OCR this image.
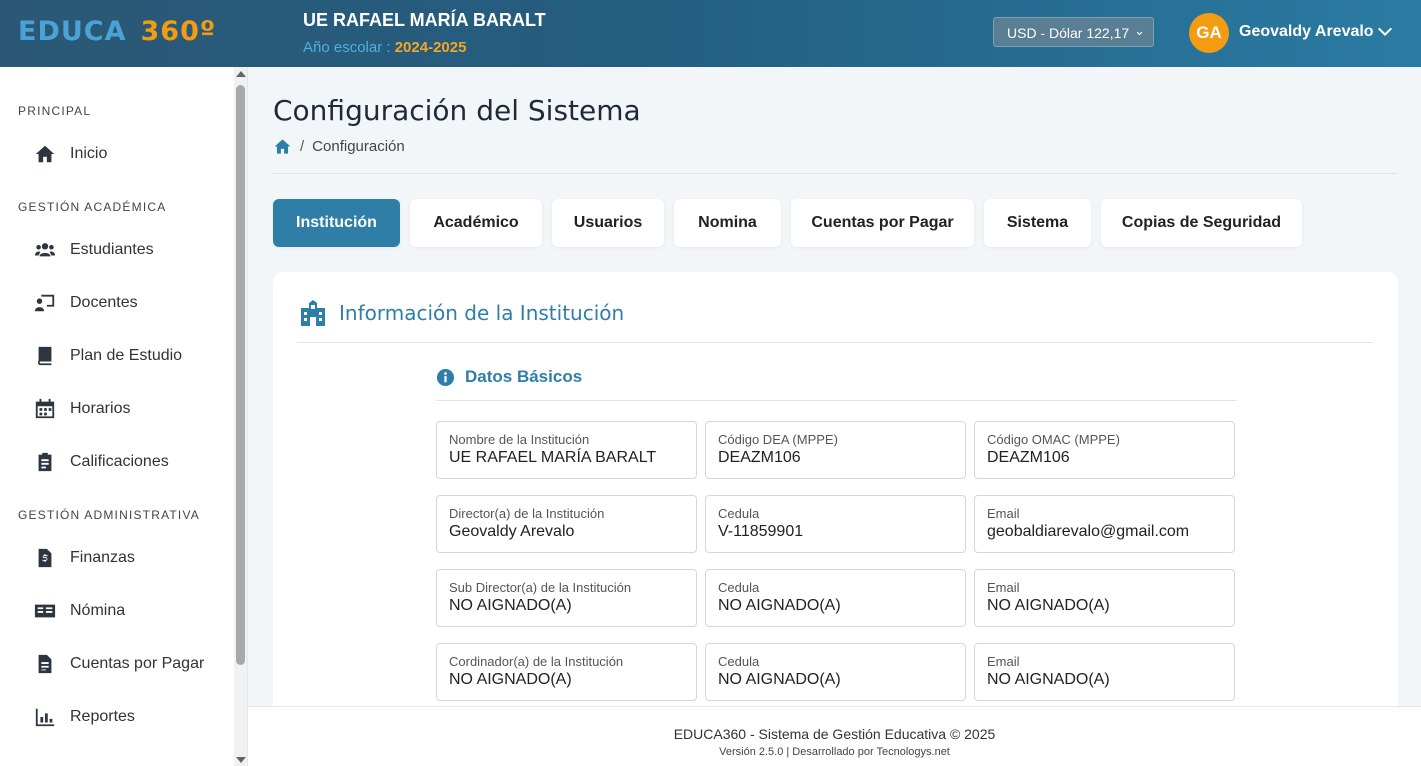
EDUCA 360º	UE RAFAEL MARÍA BARALT
Año escolar : 2024-2025
USD - Dólar 122,17 ⌄	GA	Geovaldy Arevalo
PRINCIPAL
Inicio
GESTIÓN ACADÉMICA
Estudiantes
Docentes
Plan de Estudio
Horarios
Calificaciones
GESTIÓN ADMINISTRATIVA
Finanzas
Nómina
Cuentas por Pagar
Reportes
Configuración del Sistema
/ Configuración
Institución	Académico	Usuarios	Nomina	Cuentas por Pagar	Sistema	Copias de Seguridad
Información de la Institución
Datos Básicos
Nombre de la Institución
UE RAFAEL MARÍA BARALT
Código DEA (MPPE)
DEAZM106
Código OMAC (MPPE)
DEAZM106
Director(a) de la Institución
Geovaldy Arevalo
Cedula
V-11859901
Email
geobaldiarevalo@gmail.com
Sub Director(a) de la Institución
NO AIGNADO(A)
Cedula
NO AIGNADO(A)
Email
NO AIGNADO(A)
Cordinador(a) de la Institución
NO AIGNADO(A)
Cedula
NO AIGNADO(A)
Email
NO AIGNADO(A)
EDUCA360 - Sistema de Gestión Educativa © 2025
Versión 2.5.0 | Desarrollado por Tecnologys.net
